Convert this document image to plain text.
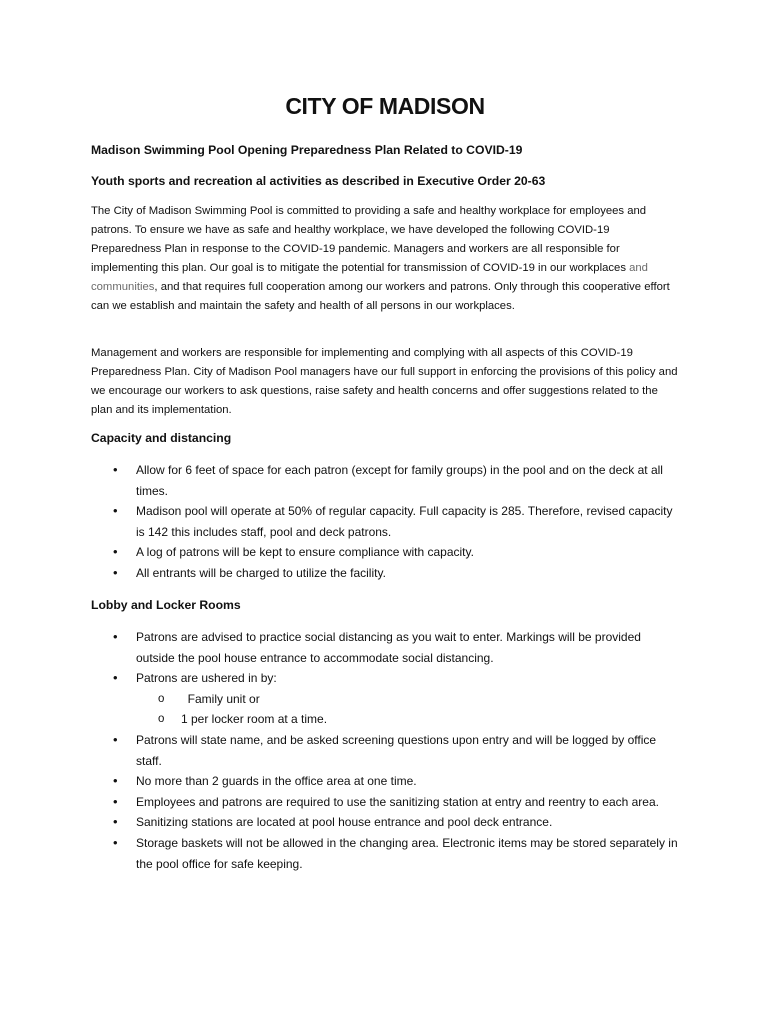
CITY OF MADISON
Madison Swimming Pool Opening Preparedness Plan Related to COVID-19
Youth sports and recreation al activities as described in Executive Order 20-63

The City of Madison Swimming Pool is committed to providing a safe and healthy workplace for employees and patrons. To ensure we have as safe and healthy workplace, we have developed the following COVID-19 Preparedness Plan in response to the COVID-19 pandemic. Managers and workers are all responsible for implementing this plan. Our goal is to mitigate the potential for transmission of COVID-19 in our workplaces and communities, and that requires full cooperation among our workers and patrons. Only through this cooperative effort can we establish and maintain the safety and health of all persons in our workplaces.

Management and workers are responsible for implementing and complying with all aspects of this COVID-19 Preparedness Plan. City of Madison Pool managers have our full support in enforcing the provisions of this policy and we encourage our workers to ask questions, raise safety and health concerns and offer suggestions related to the plan and its implementation.

Capacity and distancing
• Allow for 6 feet of space for each patron (except for family groups) in the pool and on the deck at all times.
• Madison pool will operate at 50% of regular capacity. Full capacity is 285. Therefore, revised capacity is 142 this includes staff, pool and deck patrons.
• A log of patrons will be kept to ensure compliance with capacity.
• All entrants will be charged to utilize the facility.
Lobby and Locker Rooms
• Patrons are advised to practice social distancing as you wait to enter. Markings will be provided outside the pool house entrance to accommodate social distancing.
• Patrons are ushered in by:
o   Family unit or
o 1 per locker room at a time.
• Patrons will state name, and be asked screening questions upon entry and will be logged by office staff.
• No more than 2 guards in the office area at one time.
• Employees and patrons are required to use the sanitizing station at entry and reentry to each area.
• Sanitizing stations are located at pool house entrance and pool deck entrance.
• Storage baskets will not be allowed in the changing area. Electronic items may be stored separately in the pool office for safe keeping.
